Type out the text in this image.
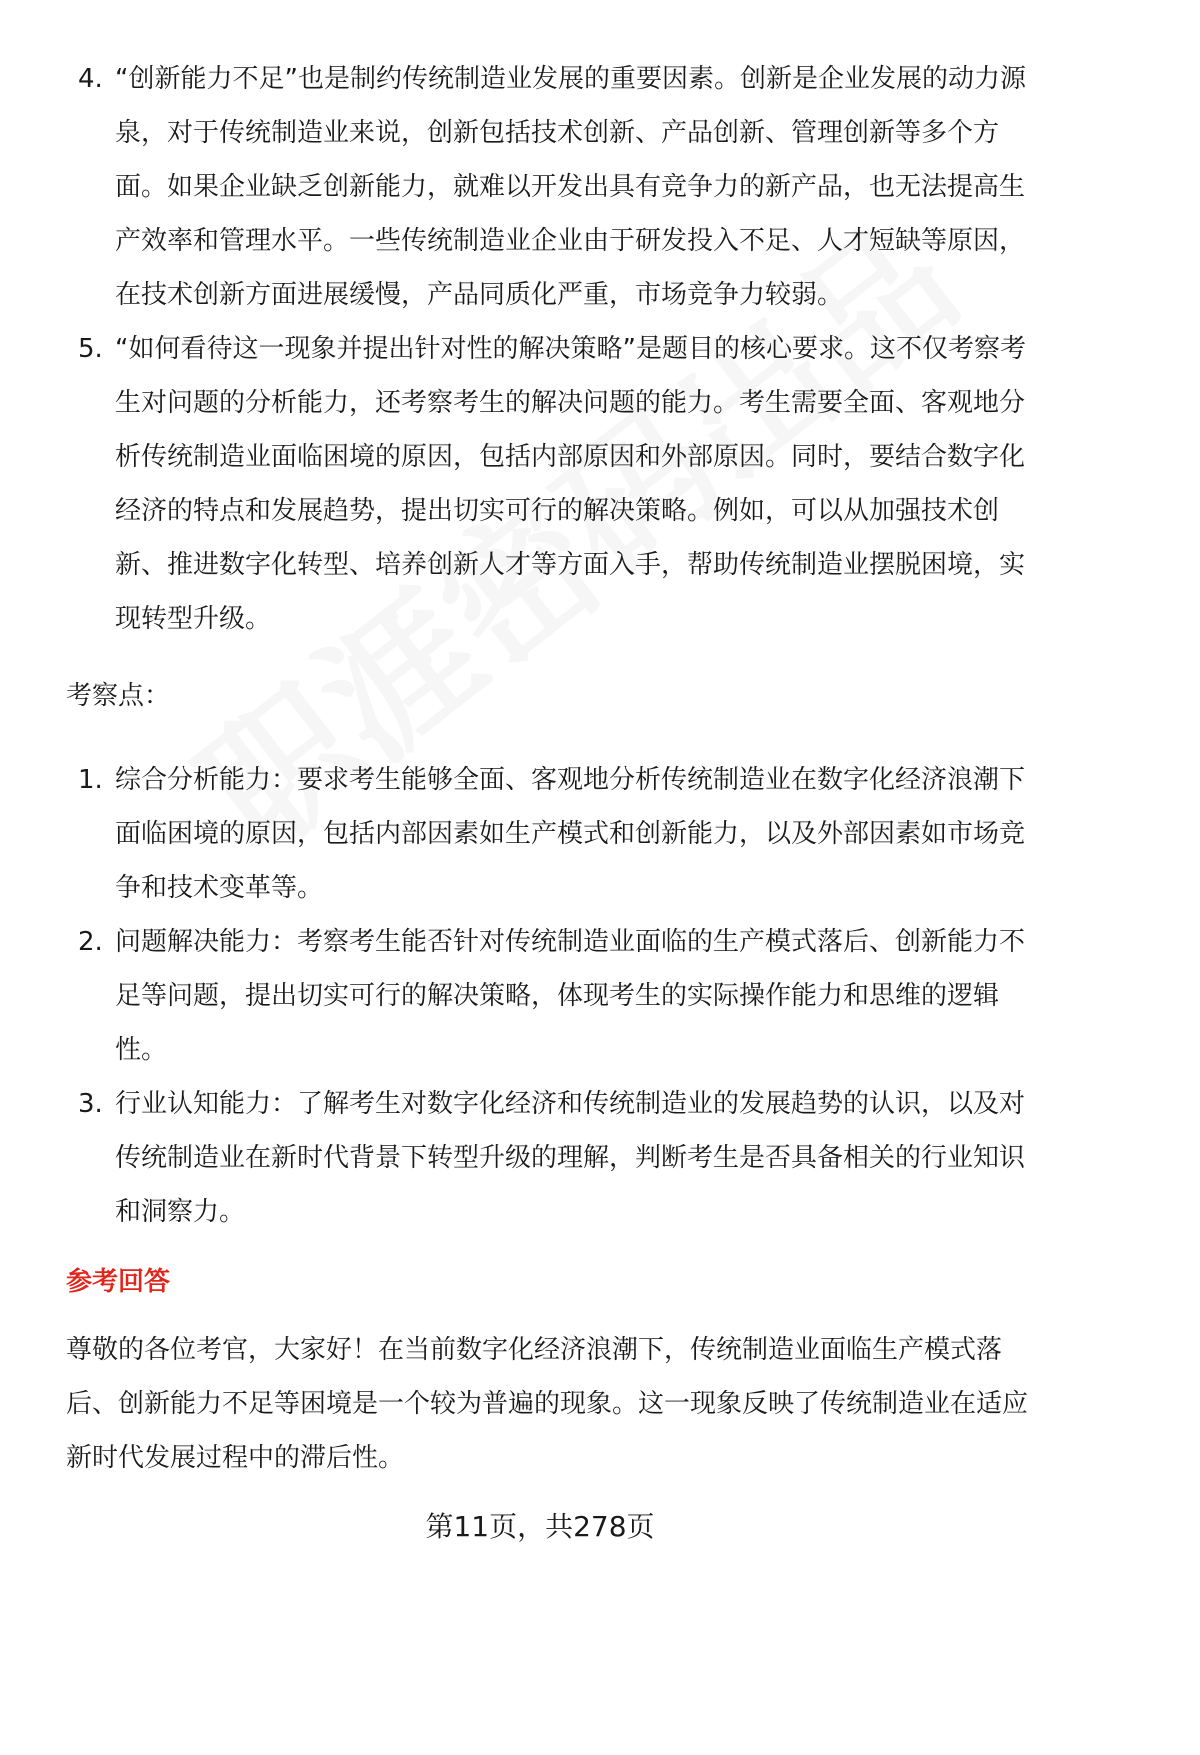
4. “创新能力不足”也是制约传统制造业发展的重要因素。创新是企业发展的动力源泉，对于传统制造业来说，创新包括技术创新、产品创新、管理创新等多个方面。如果企业缺乏创新能力，就难以开发出具有竞争力的新产品，也无法提高生产效率和管理水平。一些传统制造业企业由于研发投入不足、人才短缺等原因，在技术创新方面进展缓慢，产品同质化严重，市场竞争力较弱。
5. “如何看待这一现象并提出针对性的解决策略”是题目的核心要求。这不仅考察考生对问题的分析能力，还考察考生的解决问题的能力。考生需要全面、客观地分析传统制造业面临困境的原因，包括内部原因和外部原因。同时，要结合数字化经济的特点和发展趋势，提出切实可行的解决策略。例如，可以从加强技术创新、推进数字化转型、培养创新人才等方面入手，帮助传统制造业摆脱困境，实现转型升级。
考察点：
1. 综合分析能力：要求考生能够全面、客观地分析传统制造业在数字化经济浪潮下面临困境的原因，包括内部因素如生产模式和创新能力，以及外部因素如市场竞争和技术变革等。
2. 问题解决能力：考察考生能否针对传统制造业面临的生产模式落后、创新能力不足等问题，提出切实可行的解决策略，体现考生的实际操作能力和思维的逻辑性。
3. 行业认知能力：了解考生对数字化经济和传统制造业的发展趋势的认识，以及对传统制造业在新时代背景下转型升级的理解，判断考生是否具备相关的行业知识和洞察力。
参考回答

尊敬的各位考官，大家好！在当前数字化经济浪潮下，传统制造业面临生产模式落后、创新能力不足等困境是一个较为普遍的现象。这一现象反映了传统制造业在适应新时代发展过程中的滞后性。

第11页，共278页
